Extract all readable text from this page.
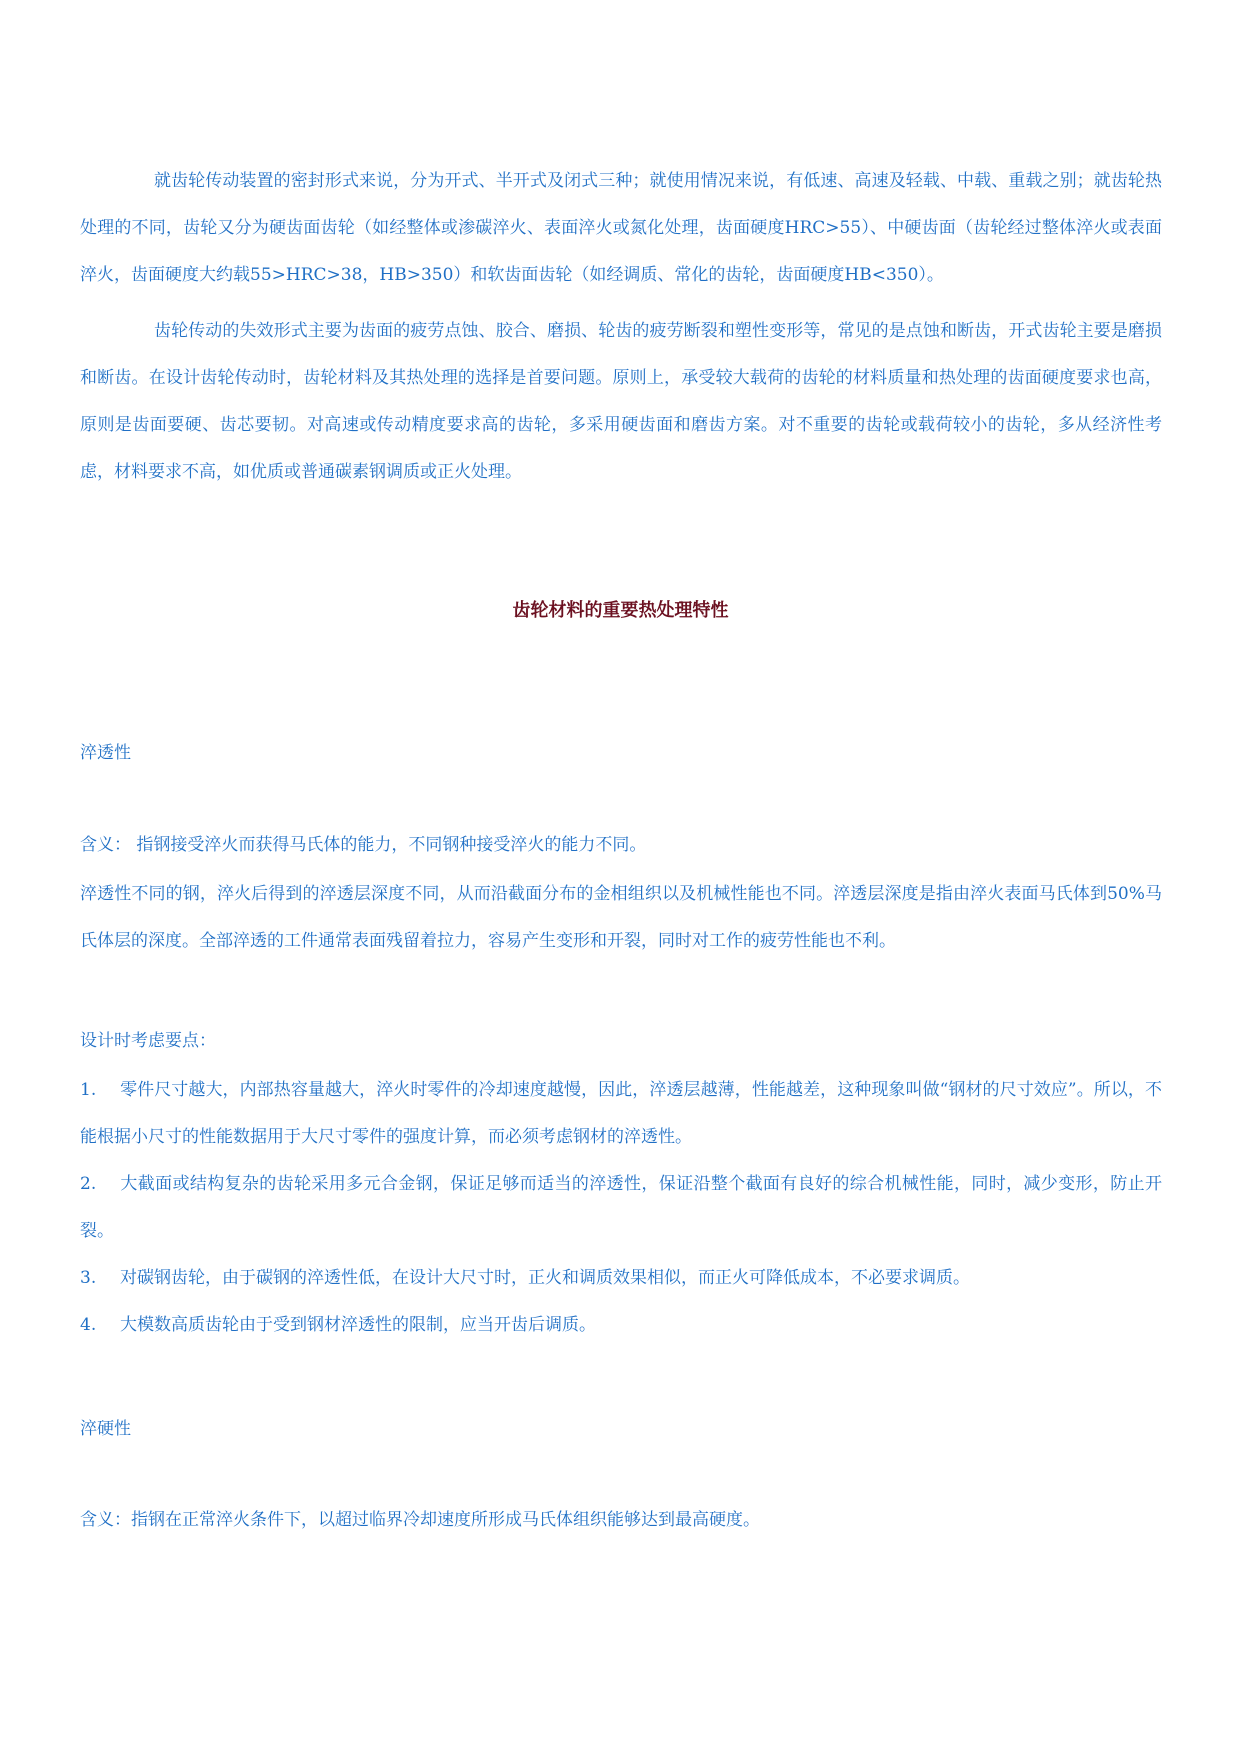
就齿轮传动装置的密封形式来说，分为开式、半开式及闭式三种；就使用情况来说，有低速、高速及轻载、中载、重载之别；就齿轮热处理的不同，齿轮又分为硬齿面齿轮（如经整体或渗碳淬火、表面淬火或氮化处理，齿面硬度HRC>55）、中硬齿面（齿轮经过整体淬火或表面淬火，齿面硬度大约载55>HRC>38，HB>350）和软齿面齿轮（如经调质、常化的齿轮，齿面硬度HB<350）。

齿轮传动的失效形式主要为齿面的疲劳点蚀、胶合、磨损、轮齿的疲劳断裂和塑性变形等，常见的是点蚀和断齿，开式齿轮主要是磨损和断齿。在设计齿轮传动时，齿轮材料及其热处理的选择是首要问题。原则上，承受较大载荷的齿轮的材料质量和热处理的齿面硬度要求也高，原则是齿面要硬、齿芯要韧。对高速或传动精度要求高的齿轮，多采用硬齿面和磨齿方案。对不重要的齿轮或载荷较小的齿轮，多从经济性考虑，材料要求不高，如优质或普通碳素钢调质或正火处理。

齿轮材料的重要热处理特性
淬透性
含义： 指钢接受淬火而获得马氏体的能力，不同钢种接受淬火的能力不同。

淬透性不同的钢，淬火后得到的淬透层深度不同，从而沿截面分布的金相组织以及机械性能也不同。淬透层深度是指由淬火表面马氏体到50%马氏体层的深度。全部淬透的工件通常表面残留着拉力，容易产生变形和开裂，同时对工作的疲劳性能也不利。

设计时考虑要点：
1. 零件尺寸越大，内部热容量越大，淬火时零件的冷却速度越慢，因此，淬透层越薄，性能越差，这种现象叫做“钢材的尺寸效应”。所以，不能根据小尺寸的性能数据用于大尺寸零件的强度计算，而必须考虑钢材的淬透性。
2. 大截面或结构复杂的齿轮采用多元合金钢，保证足够而适当的淬透性，保证沿整个截面有良好的综合机械性能，同时，减少变形，防止开裂。
3. 对碳钢齿轮，由于碳钢的淬透性低，在设计大尺寸时，正火和调质效果相似，而正火可降低成本，不必要求调质。
4. 大模数高质齿轮由于受到钢材淬透性的限制，应当开齿后调质。
淬硬性
含义：指钢在正常淬火条件下，以超过临界冷却速度所形成马氏体组织能够达到最高硬度。
